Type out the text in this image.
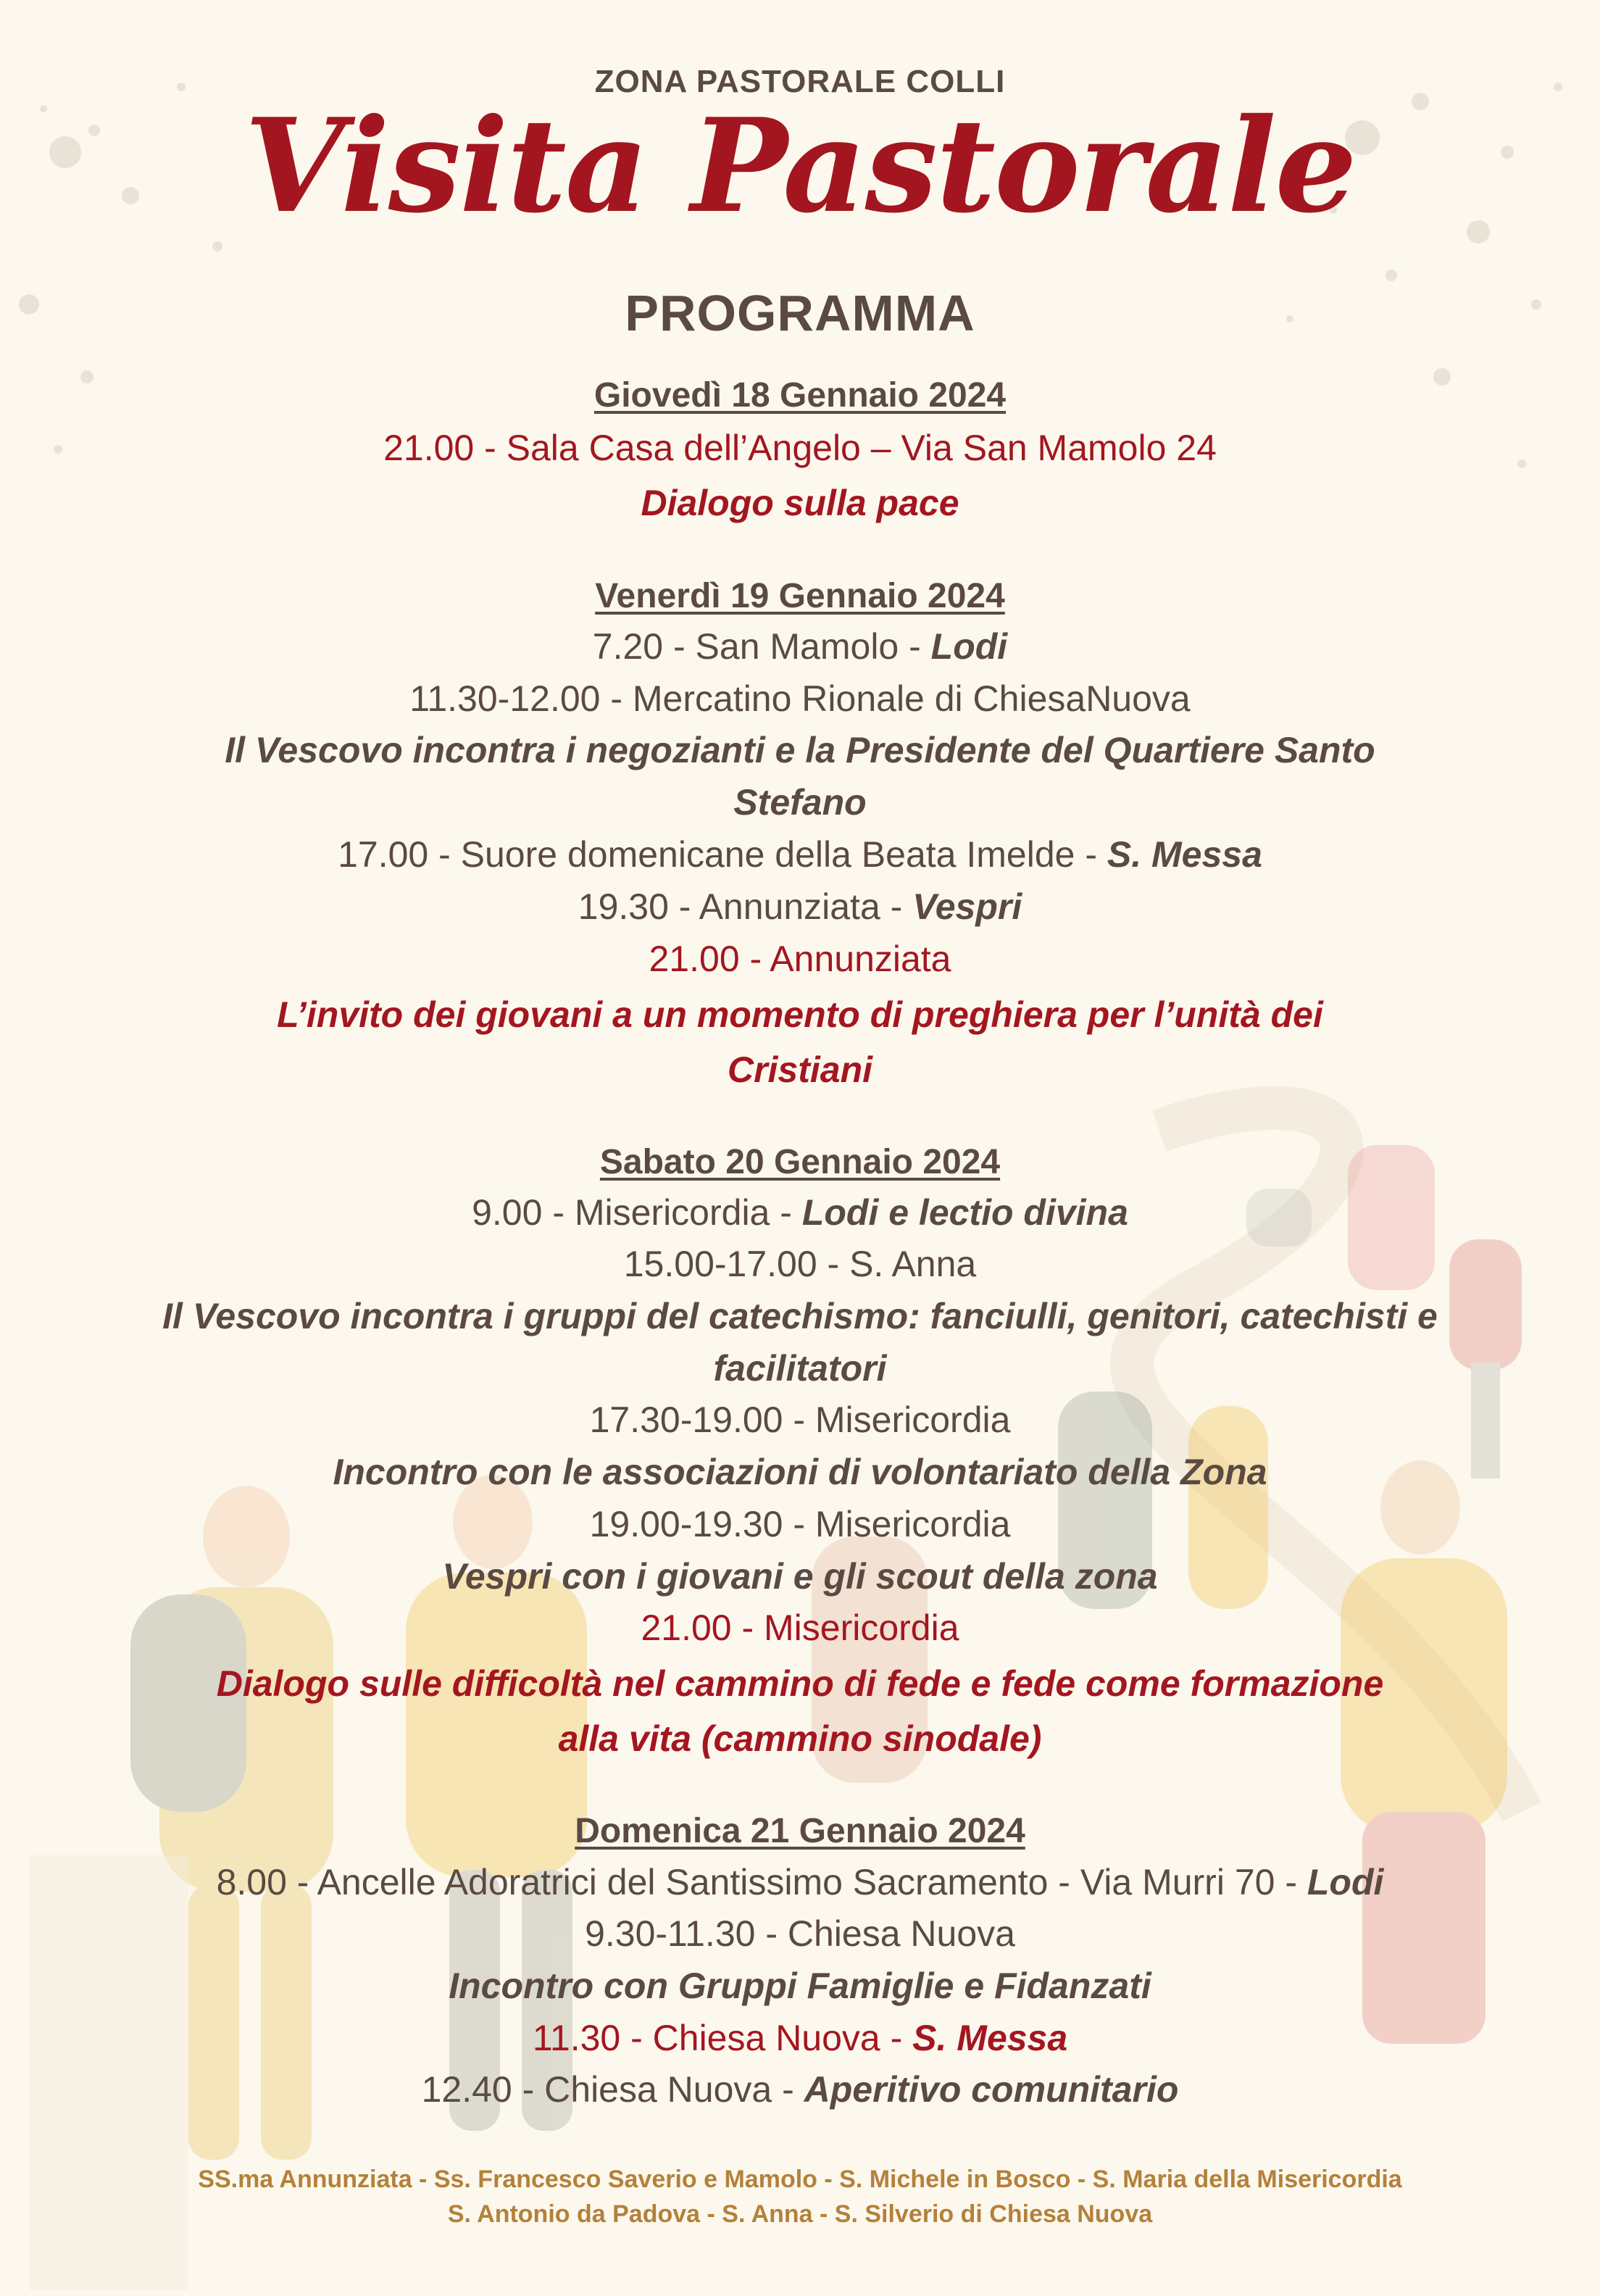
ZONA PASTORALE COLLI
Visita Pastorale
PROGRAMMA
Giovedì 18 Gennaio 2024
21.00 - Sala Casa dell’Angelo – Via San Mamolo 24
Dialogo sulla pace
Venerdì 19 Gennaio 2024
7.20 - San Mamolo - Lodi
11.30-12.00 - Mercatino Rionale di ChiesaNuova
Il Vescovo incontra i negozianti e la Presidente del Quartiere Santo
Stefano
17.00 - Suore domenicane della Beata Imelde - S. Messa
19.30 - Annunziata - Vespri
21.00 - Annunziata
L’invito dei giovani a un momento di preghiera per l’unità dei
Cristiani
Sabato 20 Gennaio 2024
9.00 - Misericordia - Lodi e lectio divina
15.00-17.00 - S. Anna
Il Vescovo incontra i gruppi del catechismo: fanciulli, genitori, catechisti e
facilitatori
17.30-19.00 - Misericordia
Incontro con le associazioni di volontariato della Zona
19.00-19.30 - Misericordia
Vespri con i giovani e gli scout della zona
21.00 - Misericordia
Dialogo sulle difficoltà nel cammino di fede e fede come formazione
alla vita (cammino sinodale)
Domenica 21 Gennaio 2024
8.00 - Ancelle Adoratrici del Santissimo Sacramento - Via Murri 70 - Lodi
9.30-11.30 - Chiesa Nuova
Incontro con Gruppi Famiglie e Fidanzati
11.30 - Chiesa Nuova - S. Messa
12.40 - Chiesa Nuova - Aperitivo comunitario
SS.ma Annunziata - Ss. Francesco Saverio e Mamolo - S. Michele in Bosco - S. Maria della Misericordia
S. Antonio da Padova - S. Anna - S. Silverio di Chiesa Nuova
